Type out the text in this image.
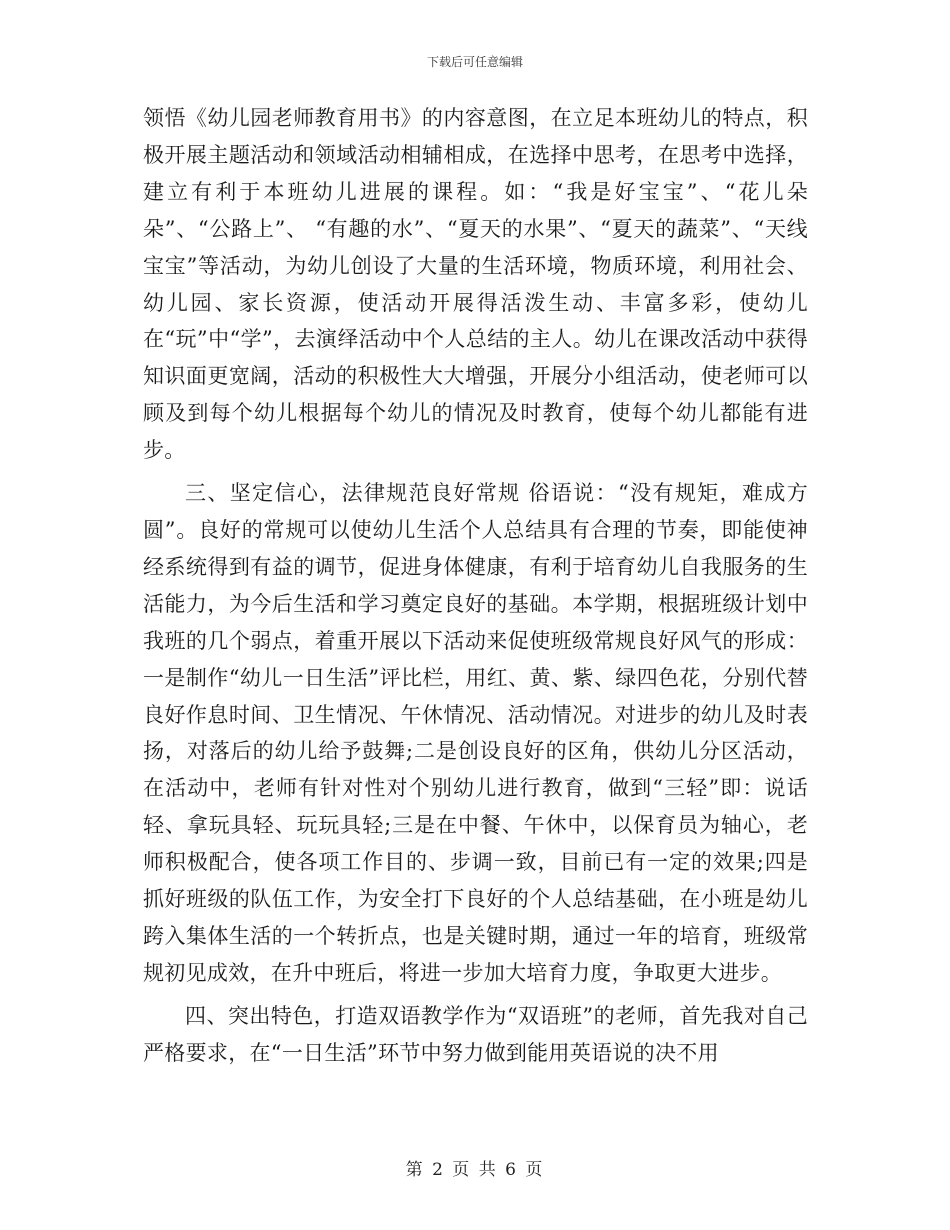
下载后可任意编辑

领悟《幼儿园老师教育用书》的内容意图，在立足本班幼儿的特点，积极开展主题活动和领域活动相辅相成，在选择中思考，在思考中选择，建立有利于本班幼儿进展的课程。如：“我是好宝宝”、“花儿朵朵”、“公路上”、 “有趣的水”、“夏天的水果”、“夏天的蔬菜”、“天线宝宝”等活动，为幼儿创设了大量的生活环境，物质环境，利用社会、幼儿园、家长资源，使活动开展得活泼生动、丰富多彩，使幼儿在“玩”中“学”，去演绎活动中个人总结的主人。幼儿在课改活动中获得知识面更宽阔，活动的积极性大大增强，开展分小组活动，使老师可以顾及到每个幼儿根据每个幼儿的情况及时教育，使每个幼儿都能有进步。

三、坚定信心，法律规范良好常规 俗语说：“没有规矩，难成方圆”。良好的常规可以使幼儿生活个人总结具有合理的节奏，即能使神经系统得到有益的调节，促进身体健康，有利于培育幼儿自我服务的生活能力，为今后生活和学习奠定良好的基础。本学期，根据班级计划中我班的几个弱点，着重开展以下活动来促使班级常规良好风气的形成：一是制作“幼儿一日生活”评比栏，用红、黄、紫、绿四色花，分别代替良好作息时间、卫生情况、午休情况、活动情况。对进步的幼儿及时表扬，对落后的幼儿给予鼓舞;二是创设良好的区角，供幼儿分区活动，在活动中，老师有针对性对个别幼儿进行教育，做到“三轻”即：说话轻、拿玩具轻、玩玩具轻;三是在中餐、午休中，以保育员为轴心，老师积极配合，使各项工作目的、步调一致，目前已有一定的效果;四是抓好班级的队伍工作，为安全打下良好的个人总结基础，在小班是幼儿跨入集体生活的一个转折点，也是关键时期，通过一年的培育，班级常规初见成效，在升中班后，将进一步加大培育力度，争取更大进步。

四、突出特色，打造双语教学作为“双语班”的老师，首先我对自己严格要求，在“一日生活”环节中努力做到能用英语说的决不用

第 2 页 共 6 页
